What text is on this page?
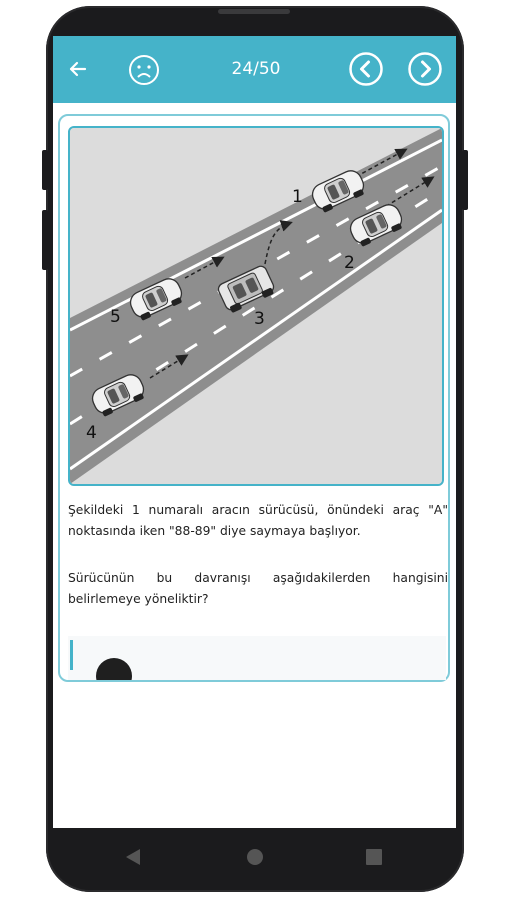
24/50
1
2
3
5
4

Şekildeki 1 numaralı aracın sürücüsü, önündeki araç "A" noktasında iken "88-89" diye saymaya başlıyor.

Sürücünün bu davranışı aşağıdakilerden hangisini belirlemeye yöneliktir?
